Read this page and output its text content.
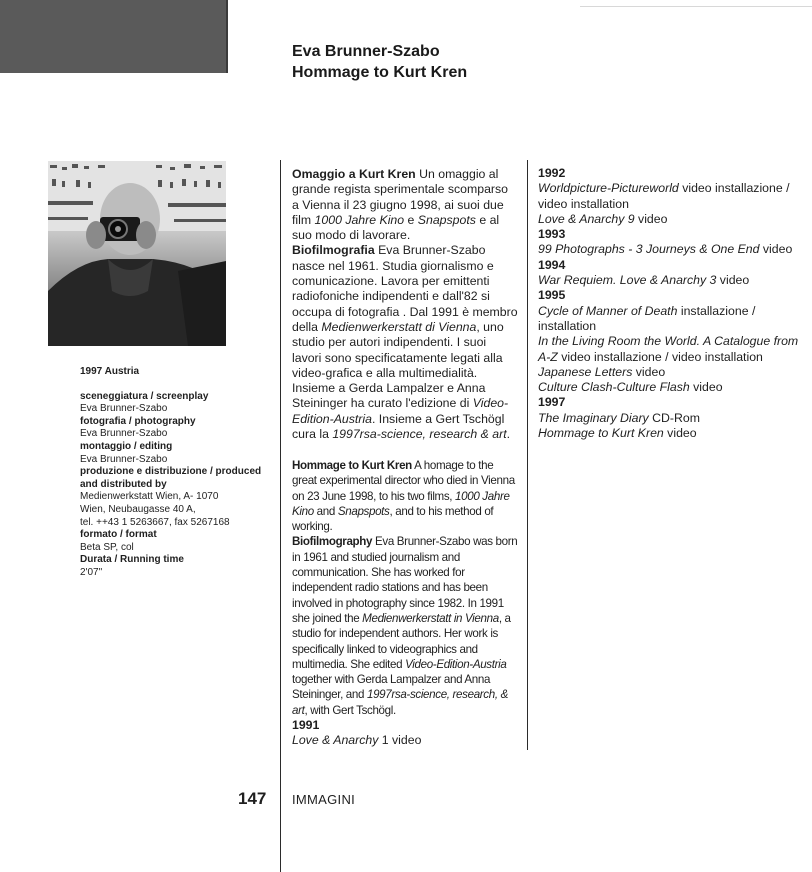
Eva Brunner-Szabo
Hommage to Kurt Kren
1997 Austria
sceneggiatura / screenplay
Eva Brunner-Szabo
fotografia / photography
Eva Brunner-Szabo
montaggio / editing
Eva Brunner-Szabo
produzione e distribuzione / produced and distributed by
Medienwerkstatt Wien, A- 1070
Wien, Neubaugasse 40 A,
tel. ++43 1 5263667, fax 5267168
formato / format
Beta SP, col
Durata / Running time
2'07"

Omaggio a Kurt Kren Un omaggio al grande regista sperimentale scomparso a Vienna il 23 giugno 1998, ai suoi due film 1000 Jahre Kino e Snapspots e al suo modo di lavorare.

Biofilmografia Eva Brunner-Szabo nasce nel 1961. Studia giornalismo e comunicazione. Lavora per emittenti radiofoniche indipendenti e dall'82 si occupa di fotografia . Dal 1991 è membro della Medienwerkerstatt di Vienna, uno studio per autori indipendenti. I suoi lavori sono specificatamente legati alla video-grafica e alla multimedialità. Insieme a Gerda Lampalzer e Anna Steininger ha curato l'edizione di Video-Edition-Austria. Insieme a Gert Tschögl cura la 1997rsa-science, research & art.

Hommage to Kurt Kren A homage to the great experimental director who died in Vienna on 23 June 1998, to his two films, 1000 Jahre Kino and Snapspots, and to his method of working.

Biofilmography Eva Brunner-Szabo was born in 1961 and studied journalism and communication. She has worked for independent radio stations and has been involved in photography since 1982. In 1991 she joined the Medienwerkerstatt in Vienna, a studio for independent authors. Her work is specifically linked to videographics and multimedia. She edited Video-Edition-Austria together with Gerda Lampalzer and Anna Steininger, and 1997rsa-science, research, & art, with Gert Tschögl.

1991
Love & Anarchy 1 video
1992
Worldpicture-Pictureworld video installazione / video installation
Love & Anarchy 9 video
1993
99 Photographs - 3 Journeys & One End video
1994
War Requiem. Love & Anarchy 3 video
1995
Cycle of Manner of Death installazione / installation
In the Living Room the World. A Catalogue from A-Z video installazione / video installation
Japanese Letters video
Culture Clash-Culture Flash video
1997
The Imaginary Diary CD-Rom
Hommage to Kurt Kren video
147 IMMAGINI
